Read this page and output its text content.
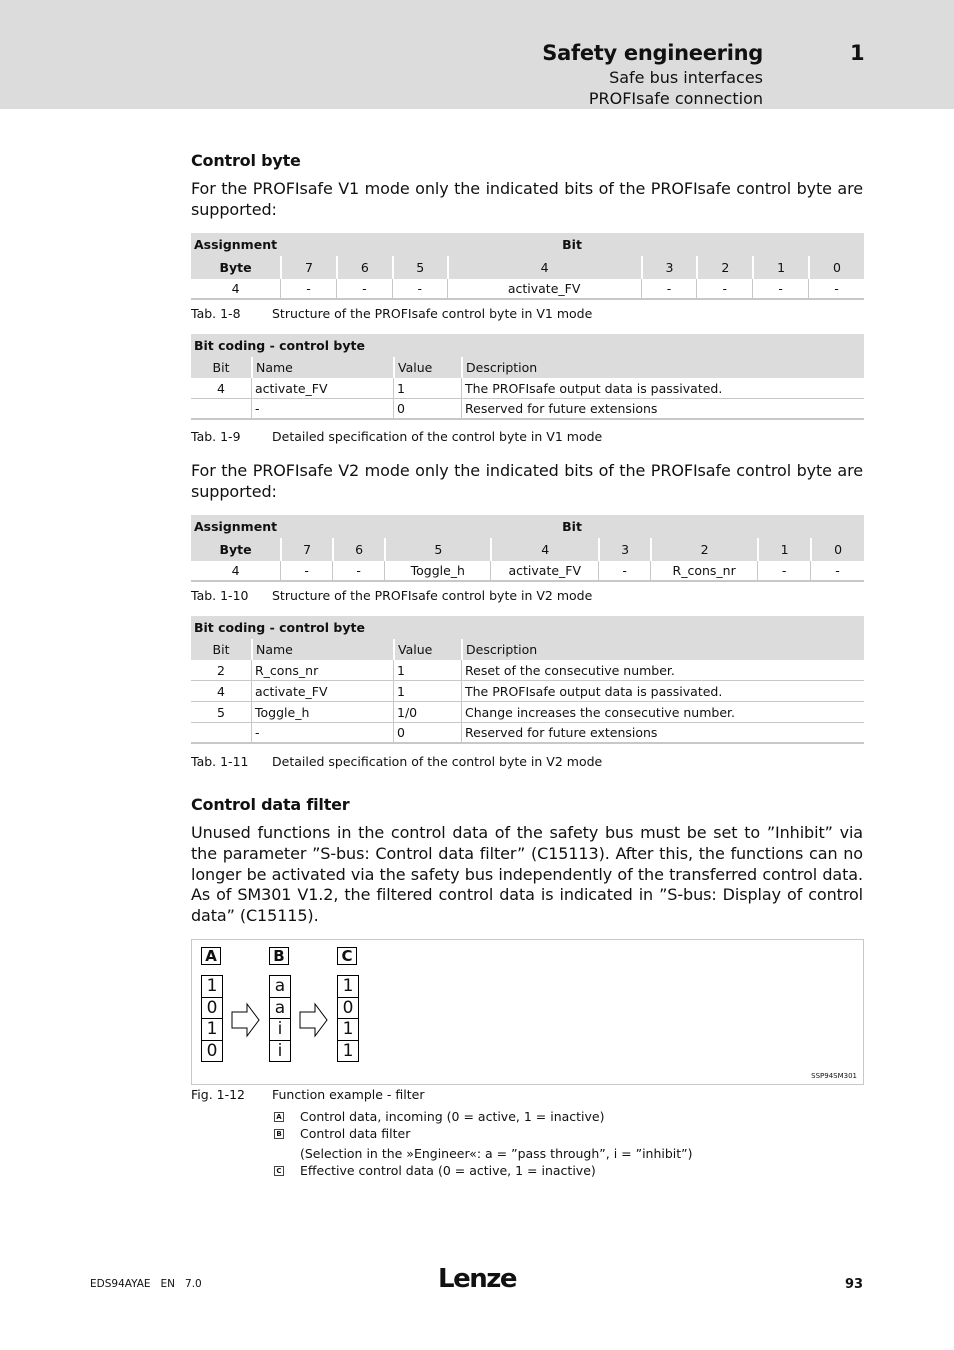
Safety engineering	1
Safe bus interfaces
PROFIsafe connection
Control byte
For the PROFIsafe V1 mode only the indicated bits of the PROFIsafe control byte are supported:
Assignment	Bit							
Byte	7	6	5	4	3	2	1	0
4	-	-	-	activate_FV	-	-	-	-
Tab. 1-8	Structure of the PROFIsafe control byte in V1 mode
Bit coding - control byte			
Bit	Name	Value	Description
4	activate_FV	1	The PROFIsafe output data is passivated.
	-	0	Reserved for future extensions
Tab. 1-9	Detailed specification of the control byte in V1 mode
For the PROFIsafe V2 mode only the indicated bits of the PROFIsafe control byte are supported:
Assignment	Bit							
Byte	7	6	5	4	3	2	1	0
4	-	-	Toggle_h	activate_FV	-	R_cons_nr	-	-
Tab. 1-10 Structure of the PROFIsafe control byte in V2 mode
Bit coding - control byte			
Bit	Name	Value	Description
2	R_cons_nr	1	Reset of the consecutive number.
4	activate_FV	1	The PROFIsafe output data is passivated.
5	Toggle_h	1/0	Change increases the consecutive number.
	-	0	Reserved for future extensions
Tab. 1-11 Detailed specification of the control byte in V2 mode
Control data filter
Unused functions in the control data of the safety bus must be set to ”Inhibit” via the parameter ”S-bus: Control data filter” (C15113). After this, the functions can no longer be activated via the safety bus independently of the transferred control data. As of SM301 V1.2, the filtered control data is indicated in ”S-bus: Display of control data” (C15115).
A	B	C
1
0
1
0
a
a
i
i
1
0
1
1
SSP94SM301
Fig. 1-12 Function example - filter
A Control data, incoming (0 = active, 1 = inactive)
B Control data filter
(Selection in the »Engineer«: a = ”pass through”, i = ”inhibit”)
C Effective control data (0 = active, 1 = inactive)
EDS94AYAE   EN   7.0	Lenze	93
